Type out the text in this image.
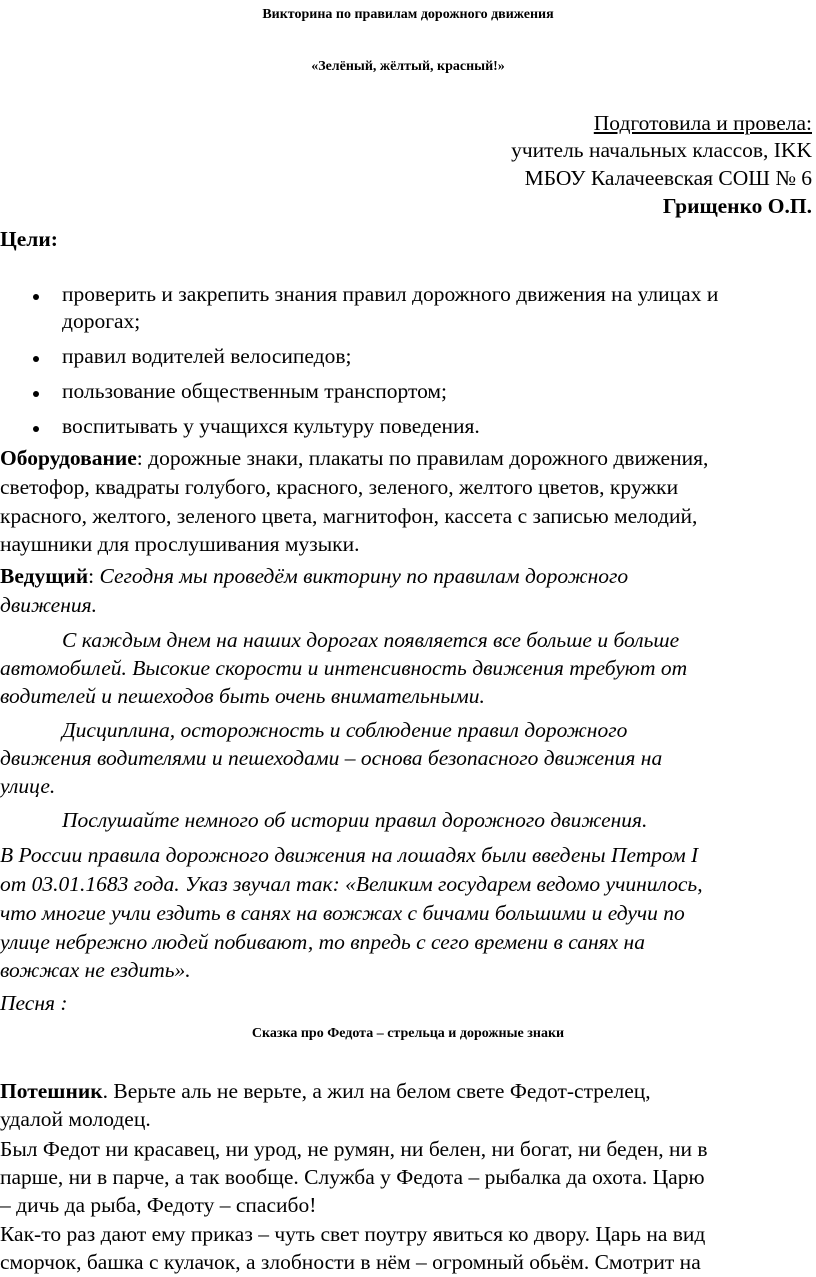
Викторина по правилам дорожного движения
«Зелёный, жёлтый, красный!»
Подготовила и провела:
учитель начальных классов, IKK
МБОУ Калачеевская СОШ № 6
Грищенко О.П.
Цели:
проверить и закрепить знания правил дорожного движения на улицах и
дорогах;
правил водителей велосипедов;
пользование общественным транспортом;
воспитывать у учащихся культуру поведения.
Оборудование: дорожные знаки, плакаты по правилам дорожного движения,
светофор, квадраты голубого, красного, зеленого, желтого цветов, кружки
красного, желтого, зеленого цвета, магнитофон, кассета с записью мелодий,
наушники для прослушивания музыки.
Ведущий: Сегодня мы проведём викторину по правилам дорожного
движения.
С каждым днем на наших дорогах появляется все больше и больше
автомобилей. Высокие скорости и интенсивность движения требуют от
водителей и пешеходов быть очень внимательными.
Дисциплина, осторожность и соблюдение правил дорожного
движения водителями и пешеходами – основа безопасного движения на
улице.
Послушайте немного об истории правил дорожного движения.
В России правила дорожного движения на лошадях были введены Петром I
от 03.01.1683 года. Указ звучал так: «Великим государем ведомо учинилось,
что многие учли ездить в санях на вожжах с бичами большими и едучи по
улице небрежно людей побивают, то впредь с сего времени в санях на
вожжах не ездить».
Песня :
Сказка про Федота – стрельца и дорожные знаки
Потешник. Верьте аль не верьте, а жил на белом свете Федот-стрелец,
удалой молодец.
Был Федот ни красавец, ни урод, не румян, ни белен, ни богат, ни беден, ни в
парше, ни в парче, а так вообще. Служба у Федота – рыбалка да охота. Царю
– дичь да рыба, Федоту – спасибо!
Как-то раз дают ему приказ – чуть свет поутру явиться ко двору. Царь на вид
сморчок, башка с кулачок, а злобности в нём – огромный обьём. Смотрит на
